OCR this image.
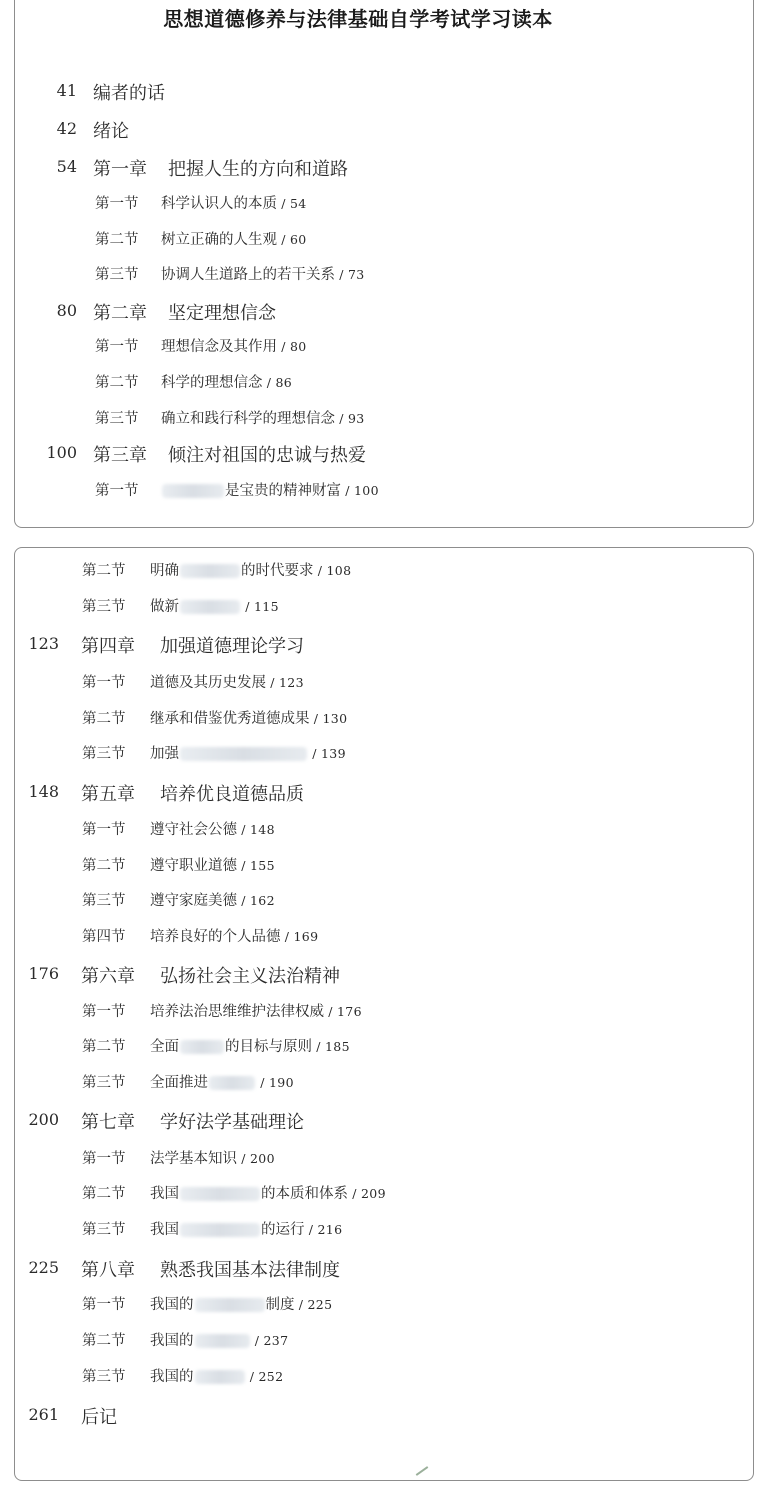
思想道德修养与法律基础自学考试学习读本
41 编者的话
42 绪论
54 第一章 把握人生的方向和道路
第一节 科学认识人的本质 / 54
第二节 树立正确的人生观 / 60
第三节 协调人生道路上的若干关系 / 73
80 第二章 坚定理想信念
第一节 理想信念及其作用 / 80
第二节 科学的理想信念 / 86
第三节 确立和践行科学的理想信念 / 93
100 第三章 倾注对祖国的忠诚与热爱
第一节	是宝贵的精神财富 / 100
第二节 明确	的时代要求 / 108
第三节 做新	/ 115
123 第四章 加强道德理论学习
第一节 道德及其历史发展 / 123
第二节 继承和借鉴优秀道德成果 / 130
第三节 加强	/ 139
148 第五章 培养优良道德品质
第一节 遵守社会公德 / 148
第二节 遵守职业道德 / 155
第三节 遵守家庭美德 / 162
第四节 培养良好的个人品德 / 169
176 第六章 弘扬社会主义法治精神
第一节 培养法治思维维护法律权威 / 176
第二节 全面	的目标与原则 / 185
第三节 全面推进	/ 190
200 第七章 学好法学基础理论
第一节 法学基本知识 / 200
第二节 我国	的本质和体系 / 209
第三节 我国	的运行 / 216
225 第八章 熟悉我国基本法律制度
第一节 我国的	制度 / 225
第二节 我国的	/ 237
第三节 我国的	/ 252
261 后记
